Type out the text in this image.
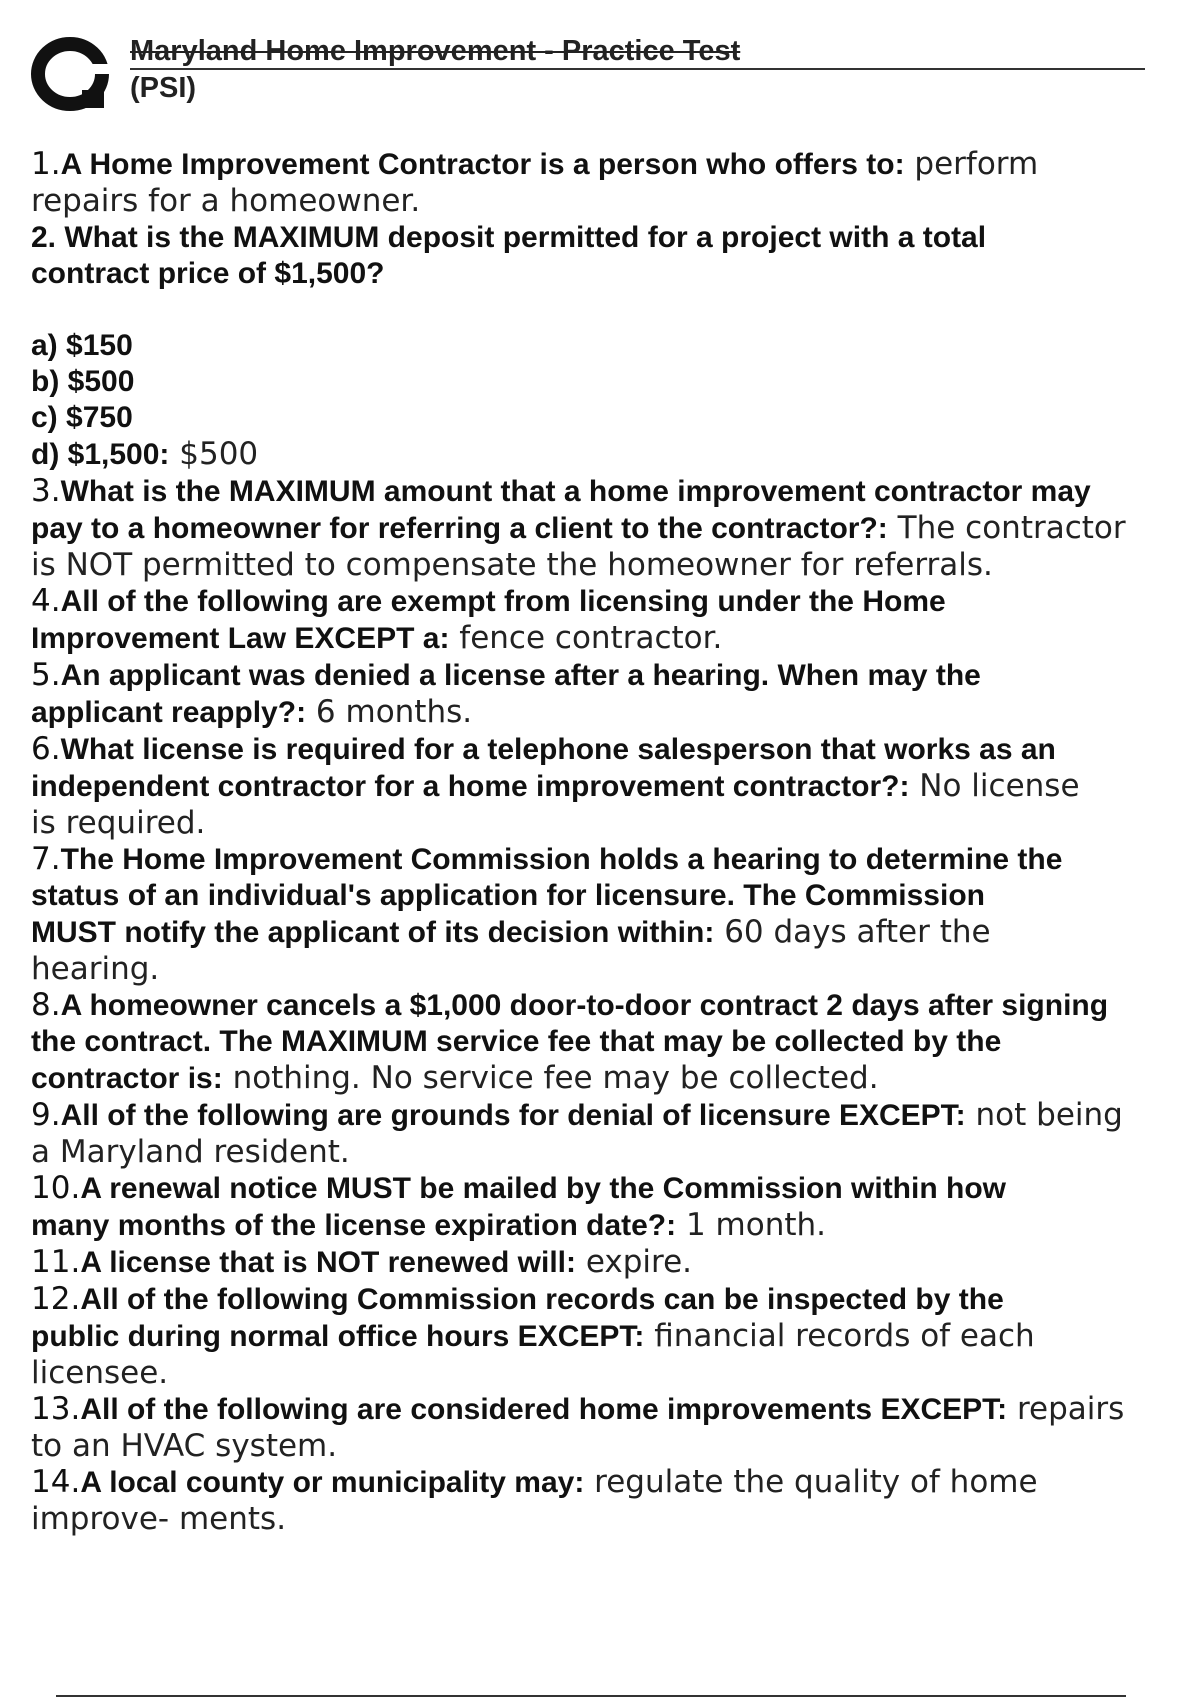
Maryland Home Improvement - Practice Test
(PSI)
1.A Home Improvement Contractor is a person who offers to: perform
repairs for a homeowner.
2. What is the MAXIMUM deposit permitted for a project with a total
contract price of $1,500?
a) $150
b) $500
c) $750
d) $1,500: $500
3.What is the MAXIMUM amount that a home improvement contractor may
pay to a homeowner for referring a client to the contractor?: The contractor
is NOT permitted to compensate the homeowner for referrals.
4.All of the following are exempt from licensing under the Home
Improvement Law EXCEPT a: fence contractor.
5.An applicant was denied a license after a hearing. When may the
applicant reapply?: 6 months.
6.What license is required for a telephone salesperson that works as an
independent contractor for a home improvement contractor?: No license
is required.
7.The Home Improvement Commission holds a hearing to determine the
status of an individual's application for licensure. The Commission
MUST notify the applicant of its decision within: 60 days after the
hearing.
8.A homeowner cancels a $1,000 door-to-door contract 2 days after signing
the contract. The MAXIMUM service fee that may be collected by the
contractor is: nothing. No service fee may be collected.
9.All of the following are grounds for denial of licensure EXCEPT: not being
a Maryland resident.
10.A renewal notice MUST be mailed by the Commission within how
many months of the license expiration date?: 1 month.
11.A license that is NOT renewed will: expire.
12.All of the following Commission records can be inspected by the
public during normal office hours EXCEPT: financial records of each
licensee.
13.All of the following are considered home improvements EXCEPT: repairs
to an HVAC system.
14.A local county or municipality may: regulate the quality of home
improve- ments.
